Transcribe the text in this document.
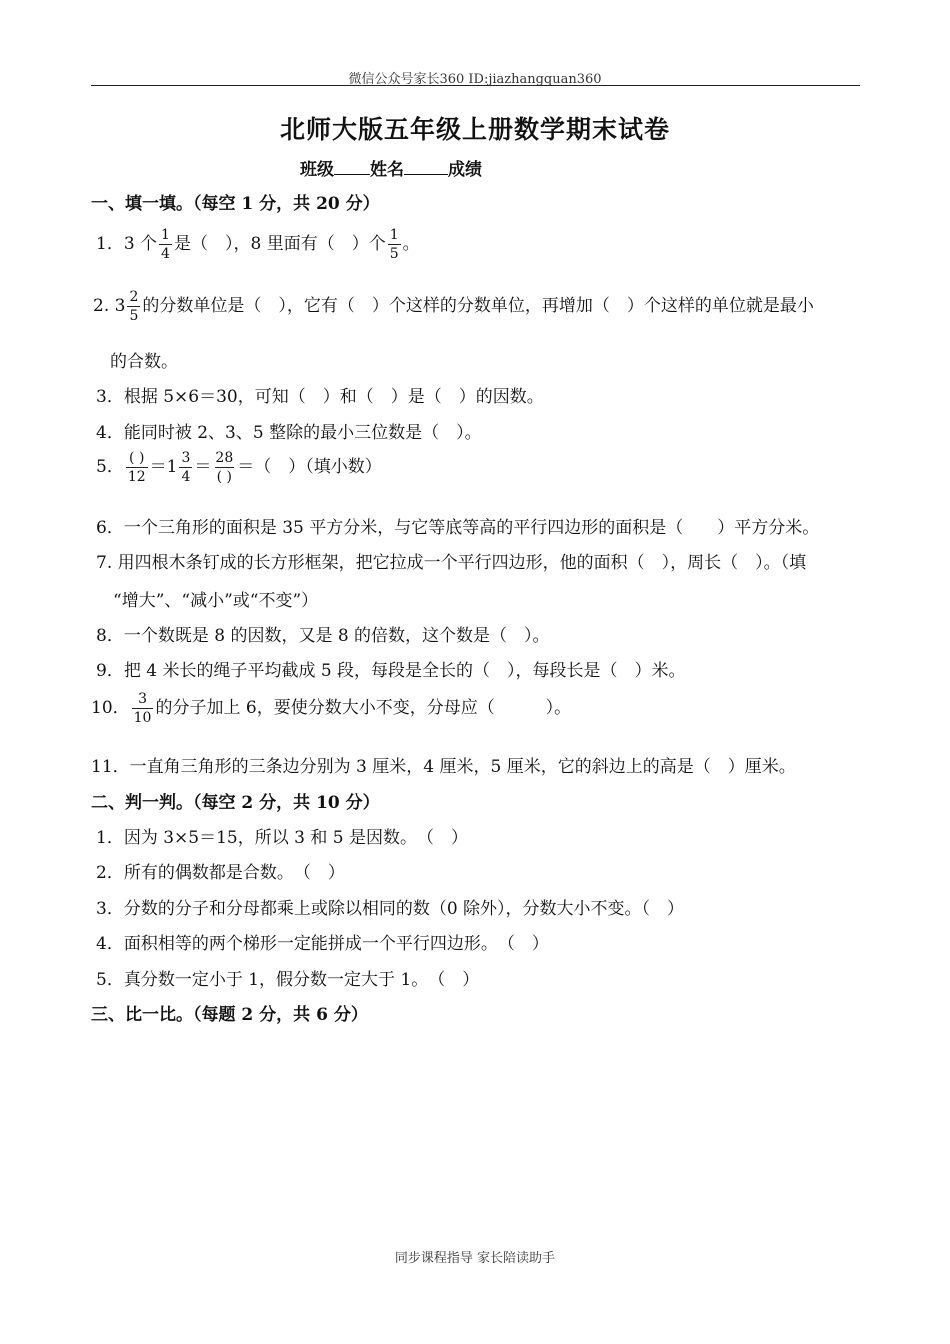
微信公众号家长360 ID:jiazhangquan360
北师大版五年级上册数学期末试卷
班级 姓名	成绩
一、填一填。（每空 1 分，共 20 分）
1．3 个 $\frac{1}{4}$ 是（　），8 里面有（　）个 $\frac{1}{5}$ 。
2. $3 \frac{2}{5}$ 的分数单位是（　），它有（　）个这样的分数单位，再增加（　）个这样的单位就是最小
的合数。
3．根据 5×6＝30，可知（　）和（　）是（　）的因数。
4．能同时被 2、3、5 整除的最小三位数是（　）。
5． $\frac{( )}{12} =1 \frac{3}{4} = \frac{28}{( )}$ ＝（　）（填小数）
6．一个三角形的面积是 35 平方分米，与它等底等高的平行四边形的面积是（　　）平方分米。
7. 用四根木条钉成的长方形框架，把它拉成一个平行四边形，他的面积（　），周长（　）。（填
“增大”、“减小”或“不变”）
8．一个数既是 8 的因数，又是 8 的倍数，这个数是（　）。
9．把 4 米长的绳子平均截成 5 段，每段是全长的（　），每段长是（　）米。
10． $\frac{3}{10}$ 的分子加上 6，要使分数大小不变，分母应（　　　）。
11．一直角三角形的三条边分别为 3 厘米，4 厘米，5 厘米，它的斜边上的高是（　）厘米。
二、判一判。（每空 2 分，共 10 分）
1．因为 3×5＝15，所以 3 和 5 是因数。　（　）
2．所有的偶数都是合数。　（　）
3．分数的分子和分母都乘上或除以相同的数（0 除外），分数大小不变。（　）
4．面积相等的两个梯形一定能拼成一个平行四边形。　（　）
5．真分数一定小于 1，假分数一定大于 1。　（　）
三、比一比。（每题 2 分，共 6 分）
同步课程指导 家长陪读助手
